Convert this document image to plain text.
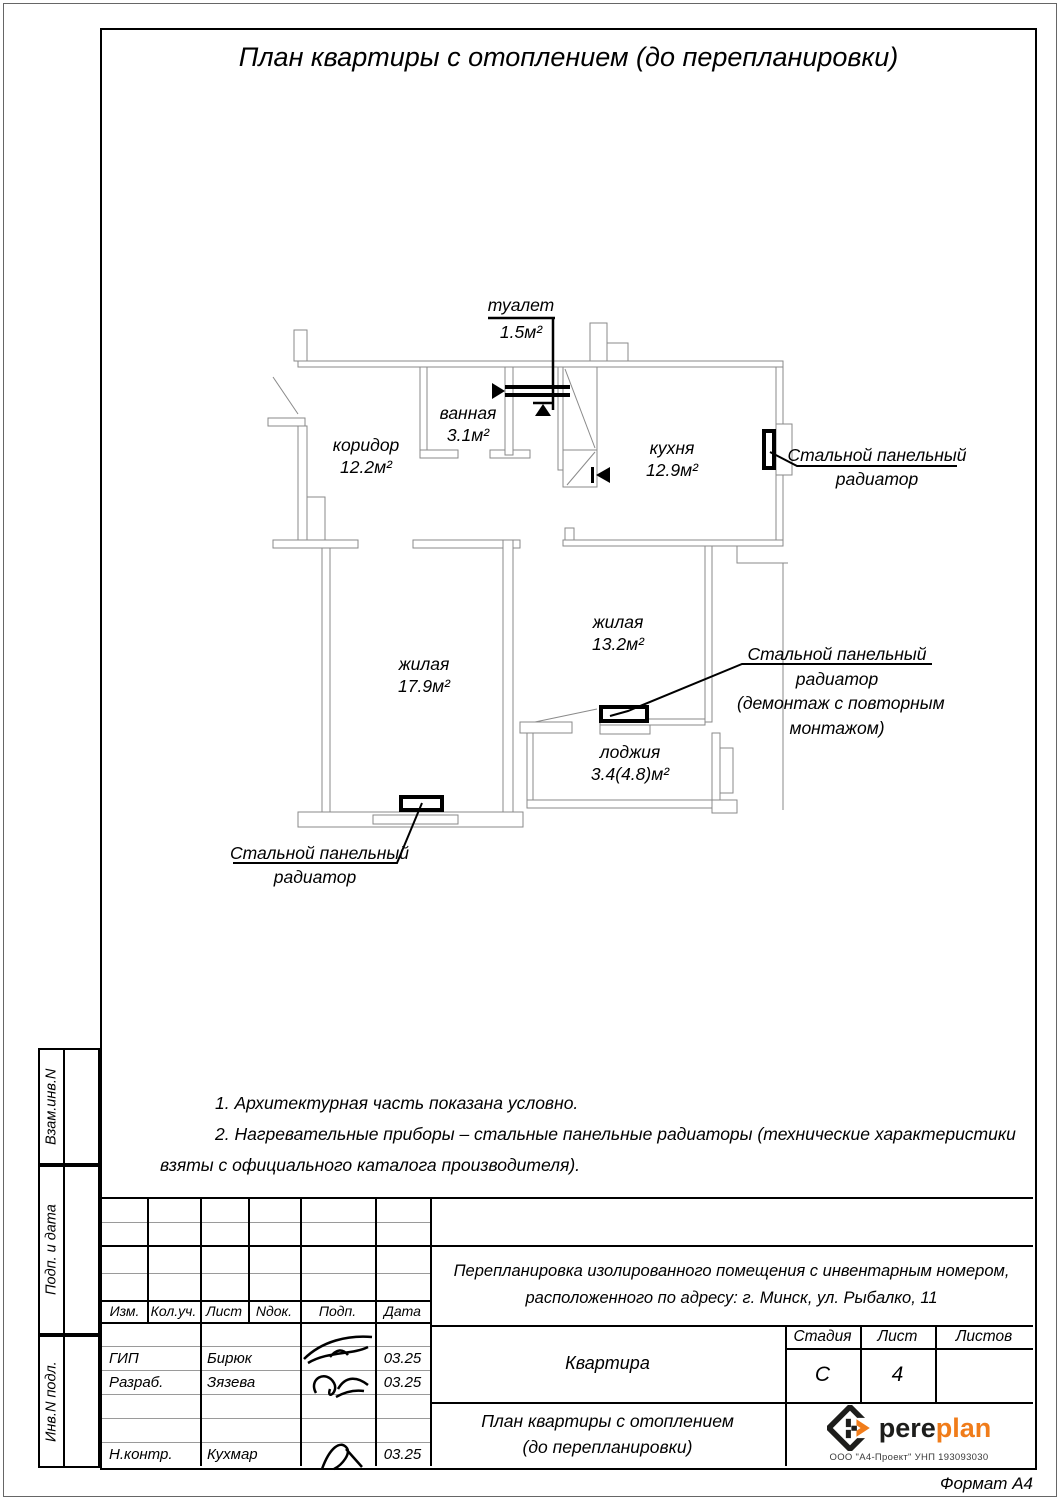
План квартиры с отоплением (до перепланировки)
туалет
1.5м²
ванная
3.1м²
коридор
12.2м²
кухня
12.9м²
жилая
13.2м²
жилая
17.9м²
лоджия
3.4(4.8)м²
Стальной панельный
радиатор
Стальной панельный
радиатор
(демонтаж с повторным
монтажом)
Стальной панельный
радиатор

1. Архитектурная часть показана условно.

2. Нагревательные приборы – стальные панельные радиаторы (технические характеристики взяты с официального каталога производителя).

Взам.инв.N
Подп. и дата
Инв.N подл.
Изм. Кол.уч. Лист Nдок.	Подп.	Дата
ГИП	Бирюк	03.25
Разраб.	Зязева	03.25
Н.контр.	Кухмар	03.25
Перепланировка изолированного помещения с инвентарным номером,
расположенного по адресу: г. Минск, ул. Рыбалко, 11
Квартира
Стадия	Лист	Листов
С	4
План квартиры с отоплением
(до перепланировки)
pereplan
ООО "А4-Проект" УНП 193093030
Формат А4
